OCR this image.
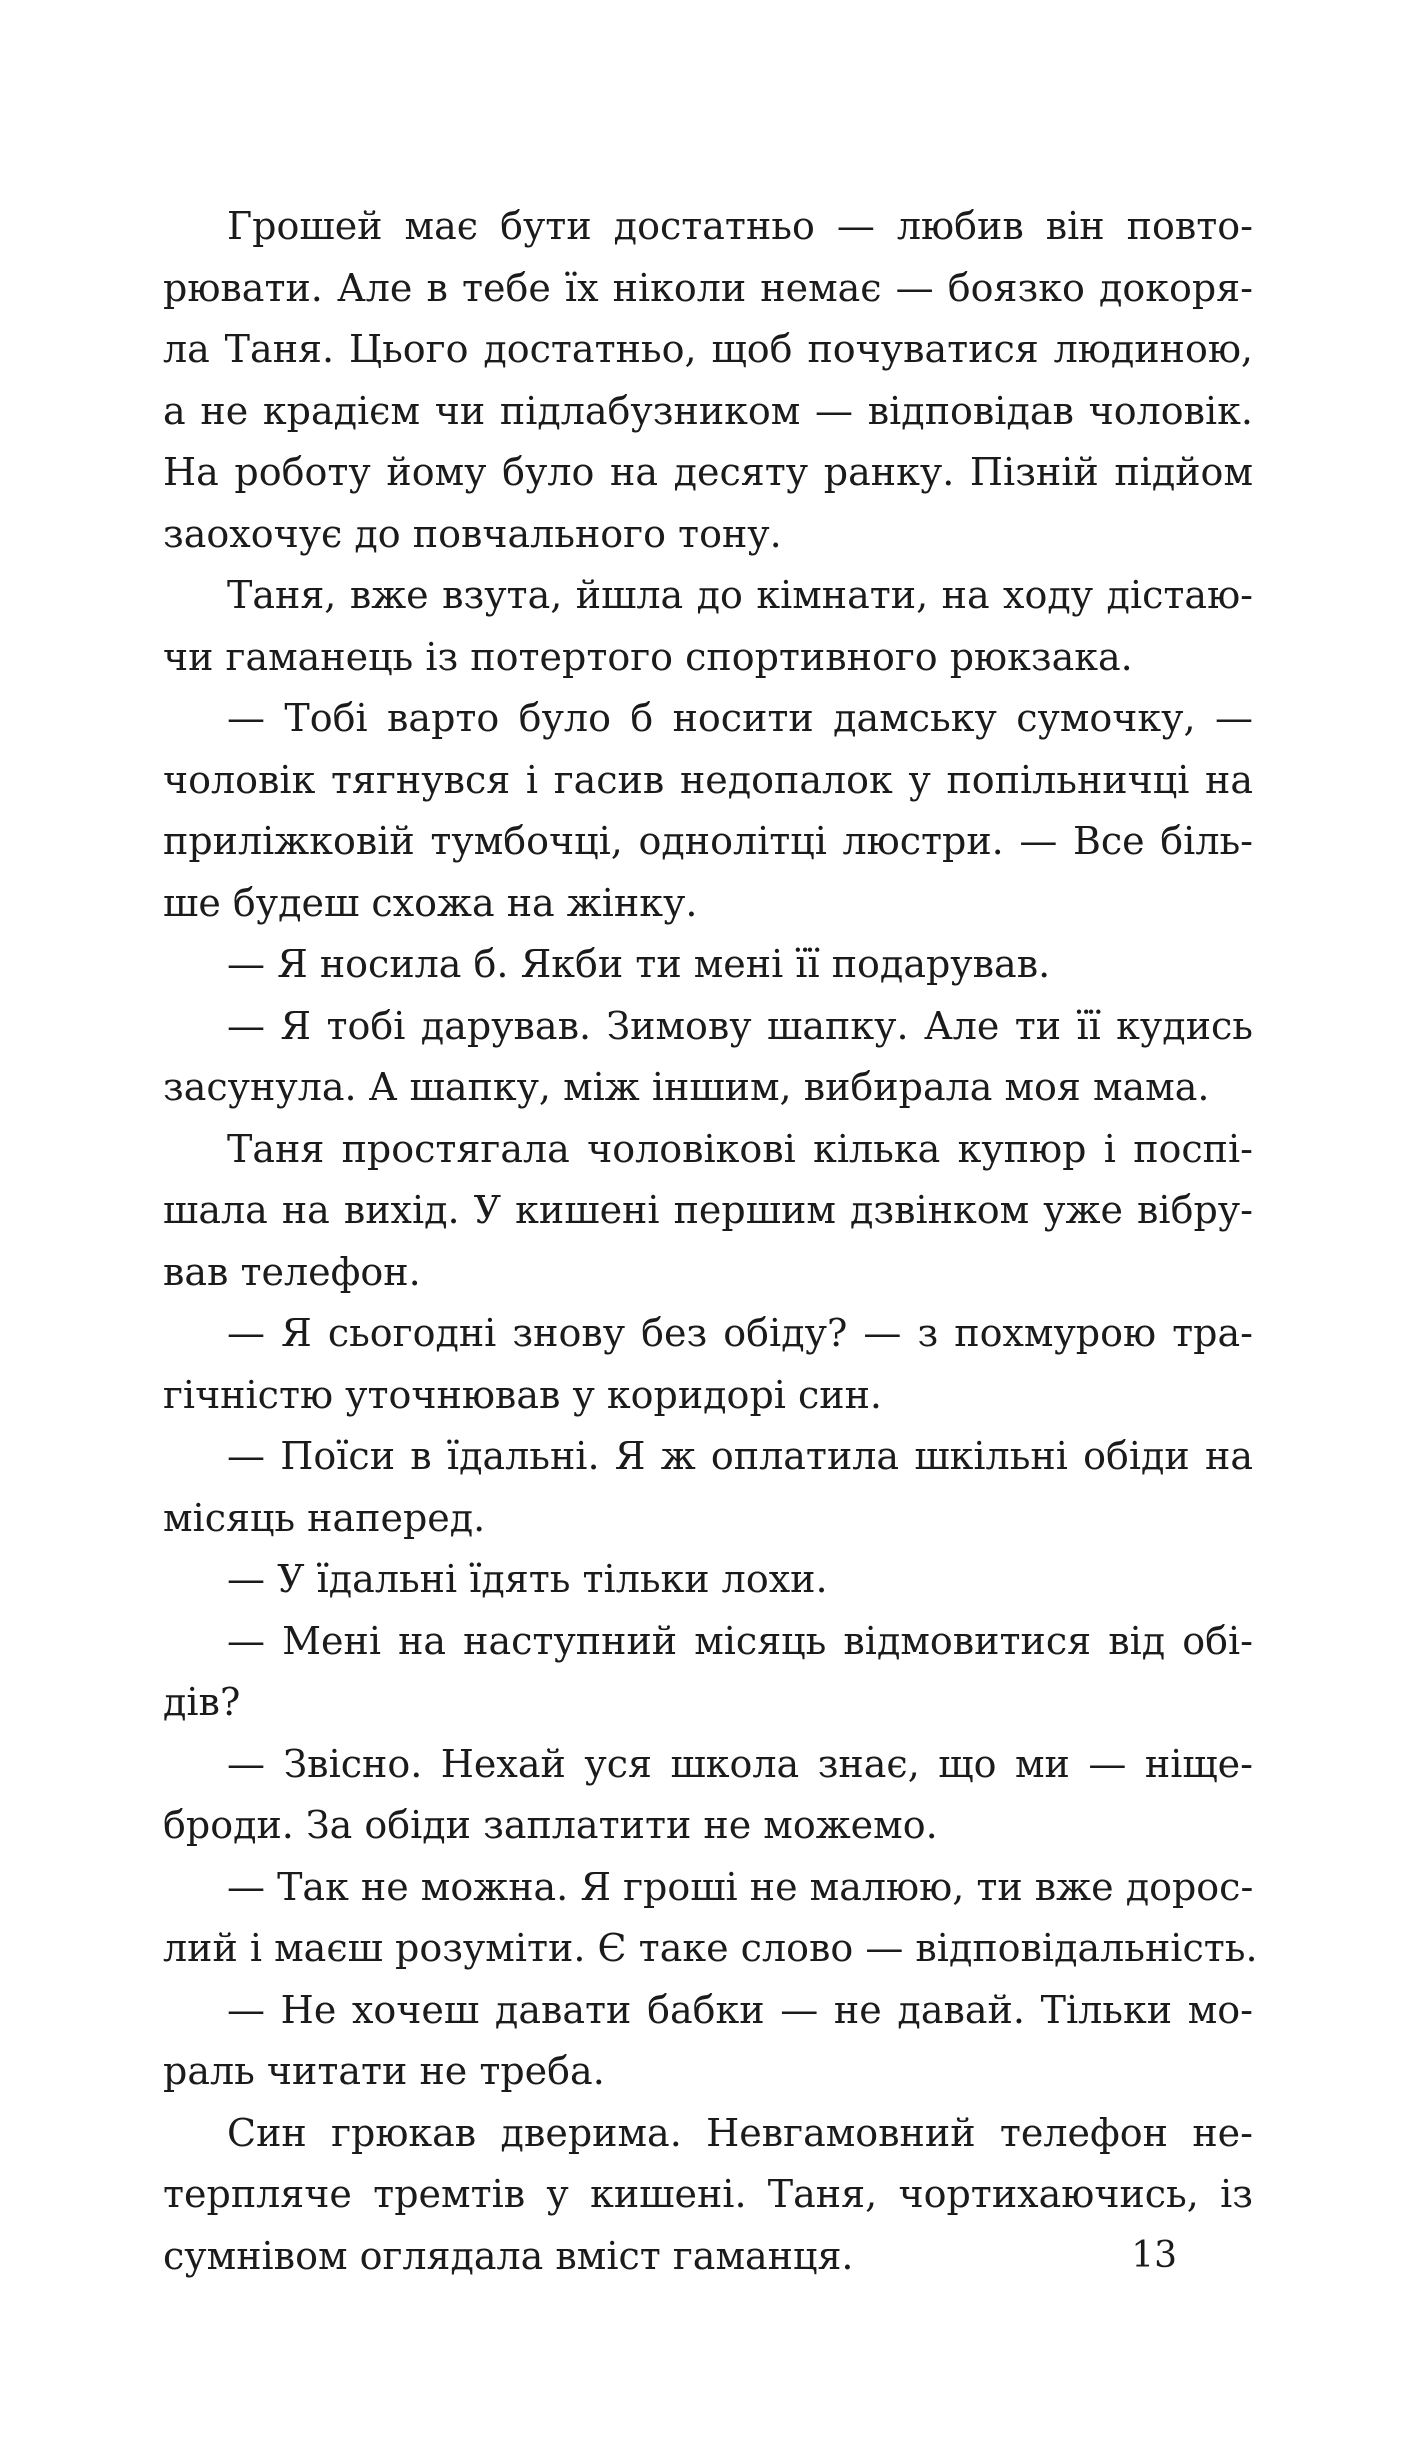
Грошей має бути достатньо — любив він повто-
рювати. Але в тебе їх ніколи немає — боязко докоря-
ла Таня. Цього достатньо, щоб почуватися людиною,
а не крадієм чи підлабузником — відповідав чоловік.
На роботу йому було на десяту ранку. Пізній підйом
заохочує до повчального тону.
Таня, вже взута, йшла до кімнати, на ходу дістаю-
чи гаманець із потертого спортивного рюкзака.
— Тобі варто було б носити дамську сумочку, —
чоловік тягнувся і гасив недопалок у попільничці на
приліжковій тумбочці, однолітці люстри. — Все біль-
ше будеш схожа на жінку.
— Я носила б. Якби ти мені її подарував.
— Я тобі дарував. Зимову шапку. Але ти її кудись
засунула. А шапку, між іншим, вибирала моя мама.
Таня простягала чоловікові кілька купюр і поспі-
шала на вихід. У кишені першим дзвінком уже вібру-
вав телефон.
— Я сьогодні знову без обіду? — з похмурою тра-
гічністю уточнював у коридорі син.
— Поїси в їдальні. Я ж оплатила шкільні обіди на
місяць наперед.
— У їдальні їдять тільки лохи.
— Мені на наступний місяць відмовитися від обі-
дів?
— Звісно. Нехай уся школа знає, що ми — ніще-
броди. За обіди заплатити не можемо.
— Так не можна. Я гроші не малюю, ти вже дорос-
лий і маєш розуміти. Є таке слово — відповідальність.
— Не хочеш давати бабки — не давай. Тільки мо-
раль читати не треба.
Син грюкав дверима. Невгамовний телефон не-
терпляче тремтів у кишені. Таня, чортихаючись, із
сумнівом оглядала вміст гаманця.	13
